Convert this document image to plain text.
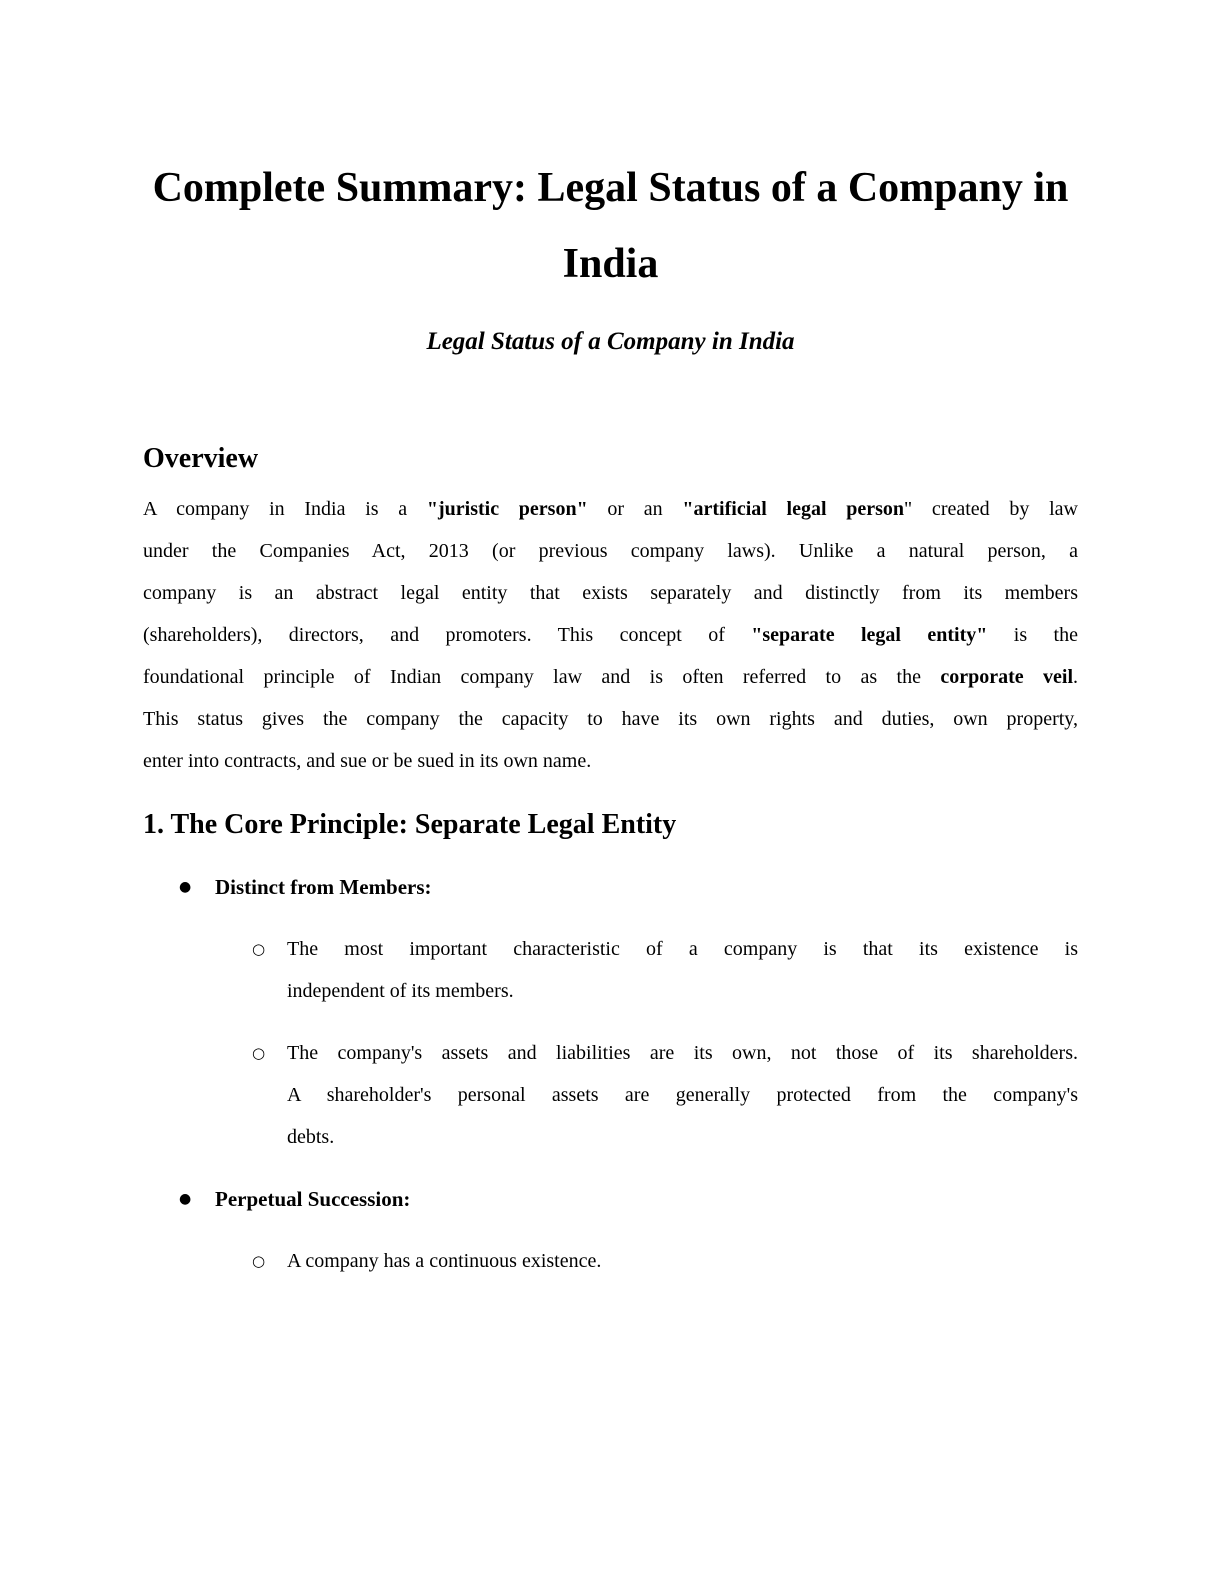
Complete Summary: Legal Status of a Company in
India
Legal Status of a Company in India
Overview
A company in India is a "juristic person" or an "artificial legal person" created by law
under the Companies Act, 2013 (or previous company laws). Unlike a natural person, a
company is an abstract legal entity that exists separately and distinctly from its members
(shareholders), directors, and promoters. This concept of "separate legal entity" is the
foundational principle of Indian company law and is often referred to as the corporate veil.
This status gives the company the capacity to have its own rights and duties, own property,
enter into contracts, and sue or be sued in its own name.
1. The Core Principle: Separate Legal Entity
● Distinct from Members:
○ The most important characteristic of a company is that its existence is
independent of its members.
○ The company's assets and liabilities are its own, not those of its shareholders.
A shareholder's personal assets are generally protected from the company's
debts.
● Perpetual Succession:
○ A company has a continuous existence.
